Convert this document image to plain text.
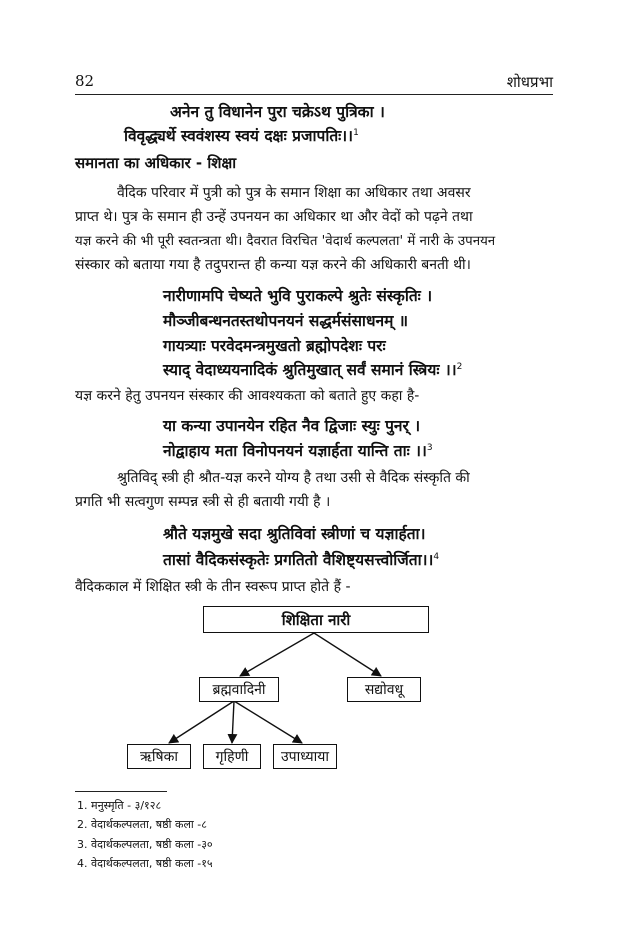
82	शोधप्रभा
अनेन तु विधानेन पुरा चक्रेऽथ पुत्रिका ।
विवृद्ध्यर्थे स्ववंशस्य स्वयं दक्षः प्रजापतिः।।$^1$
समानता का अधिकार - शिक्षा
वैदिक परिवार में पुत्री को पुत्र के समान शिक्षा का अधिकार तथा अवसर
प्राप्त थे। पुत्र के समान ही उन्हें उपनयन का अधिकार था और वेदों को पढ़ने तथा
यज्ञ करने की भी पूरी स्वतन्त्रता थी। दैवरात विरचित 'वेदार्थ कल्पलता' में नारी के उपनयन
संस्कार को बताया गया है तदुपरान्त ही कन्या यज्ञ करने की अधिकारी बनती थी।
नारीणामपि चेष्यते भुवि पुराकल्पे श्रुतेः संस्कृतिः ।
मौञ्जीबन्धनतस्तथोपनयनं सद्धर्मसंसाधनम् ॥
गायत्र्याः परवेदमन्त्रमुखतो ब्रह्मोपदेशः परः
स्याद् वेदाध्ययनादिकं श्रुतिमुखात् सर्वं समानं स्त्रियः ।।$^2$
यज्ञ करने हेतु उपनयन संस्कार की आवश्यकता को बताते हुए कहा है-
या कन्या उपानयेन रहित नैव द्विजाः स्युः पुनर् ।
नोद्वाहाय मता विनोपनयनं यज्ञार्हता यान्ति ताः ।।$^3$
श्रुतिविद् स्त्री ही श्रौत-यज्ञ करने योग्य है तथा उसी से वैदिक संस्कृति की
प्रगति भी सत्वगुण सम्पन्न स्त्री से ही बतायी गयी है ।
श्रौते यज्ञमुखे सदा श्रुतिविवां स्त्रीणां च यज्ञार्हता।
तासां वैदिकसंस्कृतेः प्रगतितो वैशिष्ट्यसत्त्वोर्जिता।।$^4$
वैदिककाल में शिक्षित स्त्री के तीन स्वरूप प्राप्त होते हैं -
शिक्षिता नारी
ब्रह्मवादिनी	सद्योवधू
ऋषिका	गृहिणी उपाध्याया
1. मनुस्मृति - ३/१२८
2. वेदार्थकल्पलता, षष्ठी कला -८
3. वेदार्थकल्पलता, षष्ठी कला -३०
4. वेदार्थकल्पलता, षष्ठी कला -१५
